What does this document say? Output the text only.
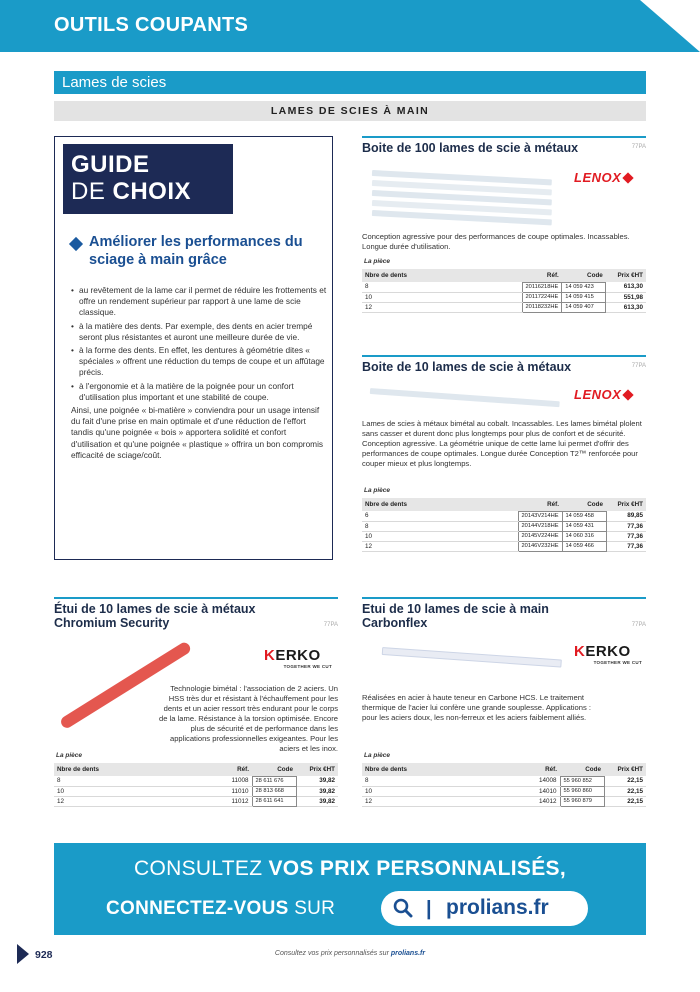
OUTILS COUPANTS
Lames de scies
LAMES DE SCIES À MAIN
GUIDE
DE CHOIX
Améliorer les performances du sciage à main grâce
• au revêtement de la lame car il permet de réduire les frottements et offre un rendement supérieur par rapport à une lame de scie classique.
• à la matière des dents. Par exemple, des dents en acier trempé seront plus résistantes et auront une meilleure durée de vie.
• à la forme des dents. En effet, les dentures à géométrie dites « spéciales » offrent une réduction du temps de coupe et un affûtage précis.
• à l'ergonomie et à la matière de la poignée pour un confort d'utilisation plus important et une stabilité de coupe.
Ainsi, une poignée « bi-matière » conviendra pour un usage intensif du fait d'une prise en main optimale et d'une réduction de l'effort tandis qu'une poignée « bois » apportera solidité et confort d'utilisation et qu'une poignée « plastique » offrira un bon compromis efficacité de sciage/coût.
Boite de 100 lames de scie à métaux	77PA
LENOX
Conception agressive pour des performances de coupe optimales. Incassables. Longue durée d'utilisation.
La pièce
Nbre de dents	Réf.	Code	Prix €HT
8	20116218HE	14 059 423	613,30
10	20117224HE	14 059 415	551,98
12	20118232HE	14 059 407	613,30
Boite de 10 lames de scie à métaux	77PA
LENOX
Lames de scies à métaux bimétal au cobalt. Incassables. Les lames bimétal plolent sans casser et durent donc plus longtemps pour plus de confort et de sécurité. Conception agressive. La géométrie unique de cette lame lui permet d'offrir des performances de coupe optimales. Longue durée Conception T2™ renforcée pour couper mieux et plus longtemps.
La pièce
Nbre de dents	Réf.	Code	Prix €HT
6	20143V214HE	14 059 458	89,85
8	20144V218HE	14 059 431	77,36
10	20145V224HE	14 060 316	77,36
12	20146V232HE	14 059 466	77,36
Étui de 10 lames de scie à métaux Chromium Security	77PA
KERKO
TOGETHER WE CUT
Technologie bimétal : l'association de 2 aciers. Un HSS très dur et résistant à l'échauffement pour les dents et un acier ressort très endurant pour le corps de la lame. Résistance à la torsion optimisée. Encore plus de sécurité et de performance dans les applications professionnelles exigeantes. Pour les aciers et les inox.
La pièce
Nbre de dents	Réf.	Code	Prix €HT
8	11008	28 611 676	39,82
10	11010	28 813 668	39,82
12	11012	28 611 641	39,82
Etui de 10 lames de scie à main Carbonflex	77PA
KERKO
TOGETHER WE CUT
Réalisées en acier à haute teneur en Carbone HCS. Le traitement thermique de l'acier lui confère une grande souplesse. Applications : pour les aciers doux, les non-ferreux et les aciers faiblement alliés.
La pièce
Nbre de dents	Réf.	Code	Prix €HT
8	14008	55 960 852	22,15
10	14010	55 960 860	22,15
12	14012	55 960 879	22,15
CONSULTEZ VOS PRIX PERSONNALISÉS,
CONNECTEZ-VOUS SUR	| prolians.fr
928	Consultez vos prix personnalisés sur prolians.fr
